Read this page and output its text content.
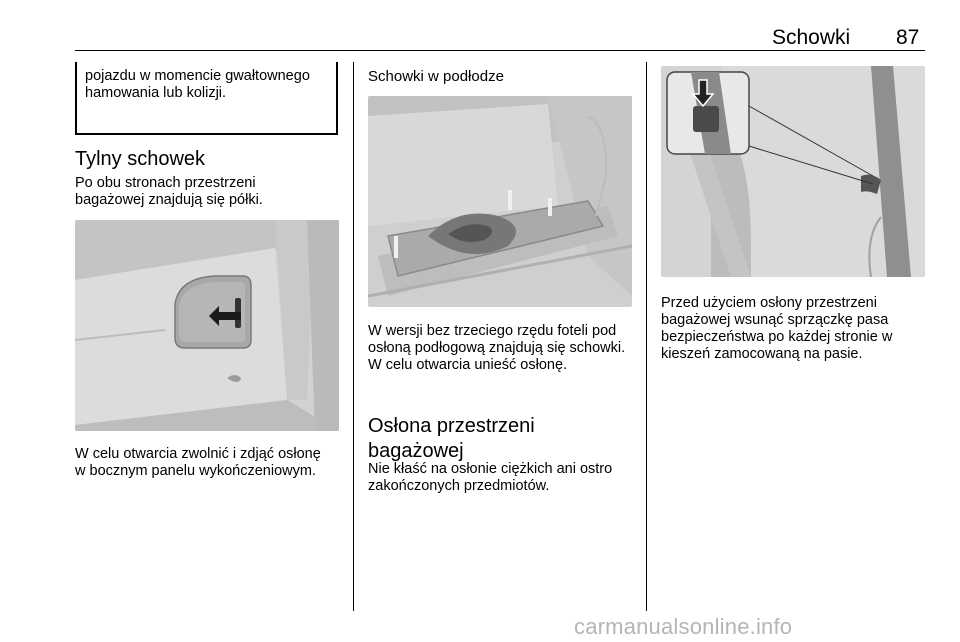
Schowki 87
pojazdu w momencie gwałtownego hamowania lub kolizji.
Tylny schowek
Po obu stronach przestrzeni bagażowej znajdują się półki.
W celu otwarcia zwolnić i zdjąć osłonę w bocznym panelu wykończeniowym.
Schowki w podłodze
W wersji bez trzeciego rzędu foteli pod osłoną podłogową znajdują się schowki. W celu otwarcia unieść osłonę.
Osłona przestrzeni bagażowej
Nie kłaść na osłonie ciężkich ani ostro zakończonych przedmiotów.
Przed użyciem osłony przestrzeni bagażowej wsunąć sprzączkę pasa bezpieczeństwa po każdej stronie w kieszeń zamocowaną na pasie.
carmanualsonline.info
